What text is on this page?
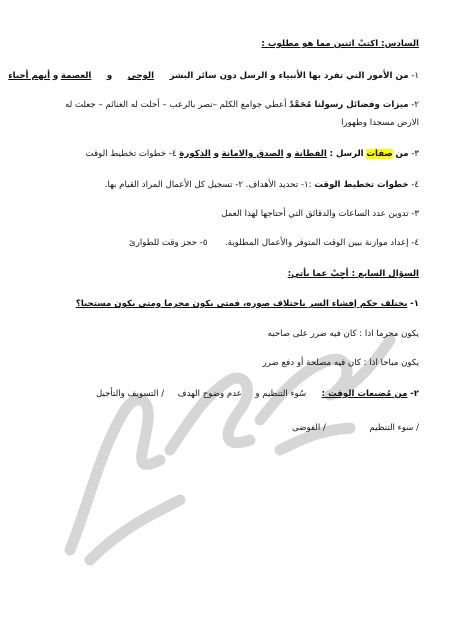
السادس: اكتبْ اثنين مما هو مطلوب :
١- من الأمور التي تفرد بها الأنبياء و الرسل دون سائر البشر  الوحى  و  العصمة و أنهم أحياء
٢- ميزات وفضائل رسولنا مُحَمَّدٌ أعطي جوامع الكلم –نصر بالرعب – أحلت له الغنائم – جعلت له
الارض مسجدا وطهورا
٣- من صفات الرسل : الفطانة و الصدق والامانة و الذكورة ٤- خطوات تخطيط الوقت
٤- خطوات تخطيط الوقت :١- تحديد الأهداف. ٢- تسجيل كل الأعمال المراد القيام بها.
٣- تدوين عدد الساعات والدقائق التي أحتاجها لهذا العمل
٤- إعداد موازنة بيين الوقت المتوفر والأعمال المطلوبة.  ٥- حجز وقت للطوارئ
السؤال السابع : أجِبْ عما يأتي:
١- يختلف حكم إفشاء السر باختلاف صوره، فمتى يكون محرما ومتى يكون مستحبا؟
يكون محرما اذا : كان فيه ضرر على صاحبه
يكون مباحا اذا : كان فيه مصلحة أو دفع ضرر
٢- من مُضيعات الوقت :  سُوء التنظيم و  عدم وضوح الهدف  / التسويف والتأجيل
/ سوء التنظيم  / الفوضى
